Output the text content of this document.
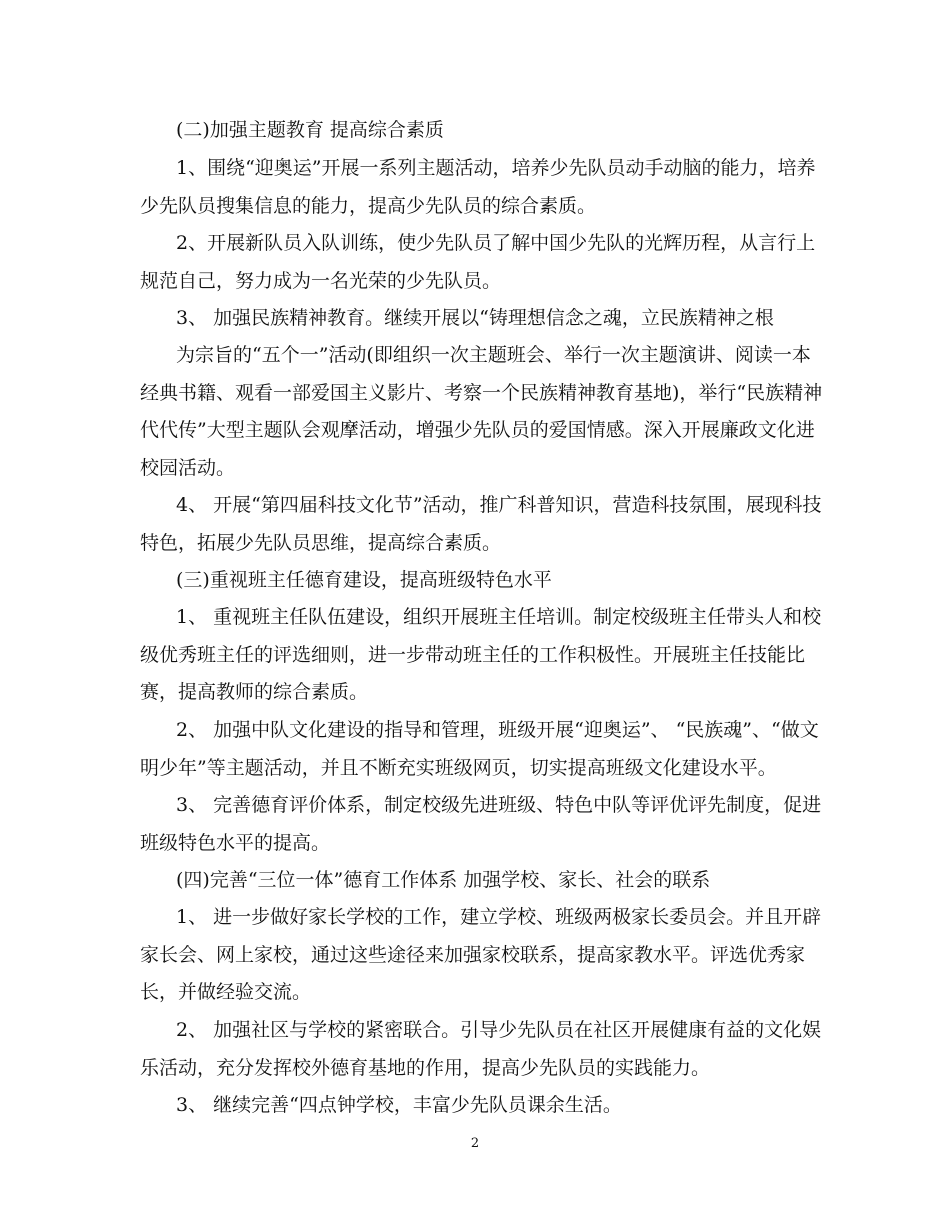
(二)加强主题教育 提高综合素质
1、围绕“迎奥运”开展一系列主题活动，培养少先队员动手动脑的能力，培养
少先队员搜集信息的能力，提高少先队员的综合素质。
2、开展新队员入队训练，使少先队员了解中国少先队的光辉历程，从言行上
规范自己，努力成为一名光荣的少先队员。
3、 加强民族精神教育。继续开展以“铸理想信念之魂，立民族精神之根
为宗旨的“五个一”活动(即组织一次主题班会、举行一次主题演讲、阅读一本
经典书籍、观看一部爱国主义影片、考察一个民族精神教育基地)，举行“民族精神
代代传”大型主题队会观摩活动，增强少先队员的爱国情感。深入开展廉政文化进
校园活动。
4、 开展“第四届科技文化节”活动，推广科普知识，营造科技氛围，展现科技
特色，拓展少先队员思维，提高综合素质。
(三)重视班主任德育建设，提高班级特色水平
1、 重视班主任队伍建设，组织开展班主任培训。制定校级班主任带头人和校
级优秀班主任的评选细则，进一步带动班主任的工作积极性。开展班主任技能比
赛，提高教师的综合素质。
2、 加强中队文化建设的指导和管理，班级开展“迎奥运”、 “民族魂”、“做文
明少年”等主题活动，并且不断充实班级网页，切实提高班级文化建设水平。
3、 完善德育评价体系，制定校级先进班级、特色中队等评优评先制度，促进
班级特色水平的提高。
(四)完善“三位一体”德育工作体系 加强学校、家长、社会的联系
1、 进一步做好家长学校的工作，建立学校、班级两极家长委员会。并且开辟
家长会、网上家校，通过这些途径来加强家校联系，提高家教水平。评选优秀家
长，并做经验交流。
2、 加强社区与学校的紧密联合。引导少先队员在社区开展健康有益的文化娱
乐活动，充分发挥校外德育基地的作用，提高少先队员的实践能力。
3、 继续完善“四点钟学校，丰富少先队员课余生活。
2
